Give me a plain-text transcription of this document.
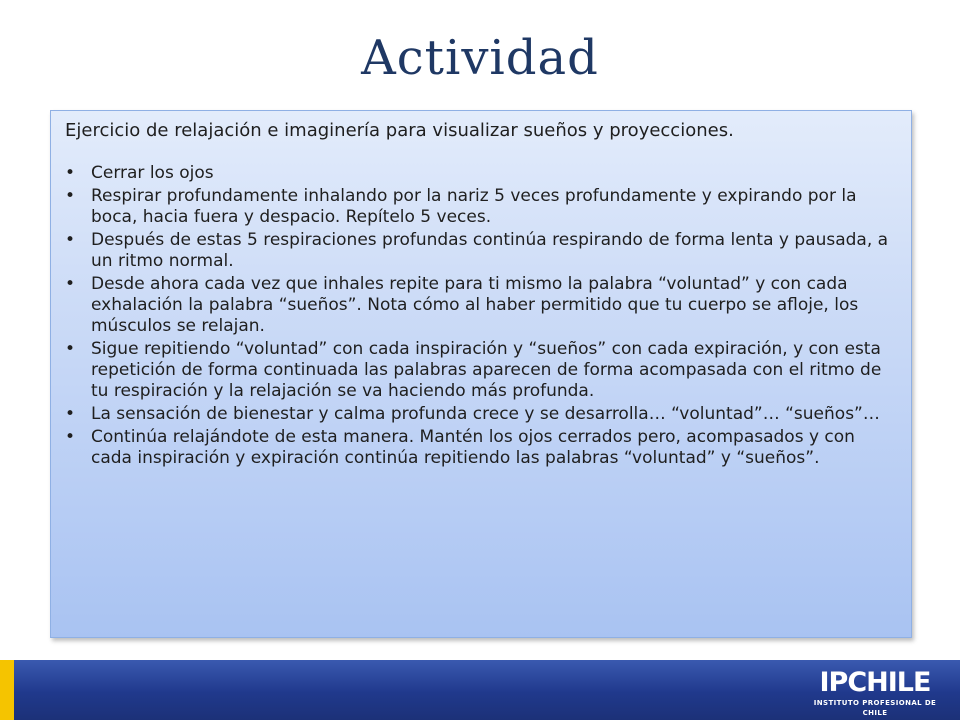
Actividad

Ejercicio de relajación e imaginería para visualizar sueños y proyecciones.

• Cerrar los ojos
• Respirar profundamente inhalando por la nariz 5 veces profundamente y expirando por la boca, hacia fuera y despacio. Repítelo 5 veces.
• Después de estas 5 respiraciones profundas continúa respirando de forma lenta y pausada, a un ritmo normal.
• Desde ahora cada vez que inhales repite para ti mismo la palabra “voluntad” y con cada exhalación la palabra “sueños”. Nota cómo al haber permitido que tu cuerpo se afloje, los músculos se relajan.
• Sigue repitiendo “voluntad” con cada inspiración y “sueños” con cada expiración, y con esta repetición de forma continuada las palabras aparecen de forma acompasada con el ritmo de tu respiración y la relajación se va haciendo más profunda.
• La sensación de bienestar y calma profunda crece y se desarrolla… “voluntad”… “sueños”…
• Continúa relajándote de esta manera. Mantén los ojos cerrados pero, acompasados y con cada inspiración y expiración continúa repitiendo las palabras “voluntad” y “sueños”.
IPCHILE
INSTITUTO PROFESIONAL DE CHILE
